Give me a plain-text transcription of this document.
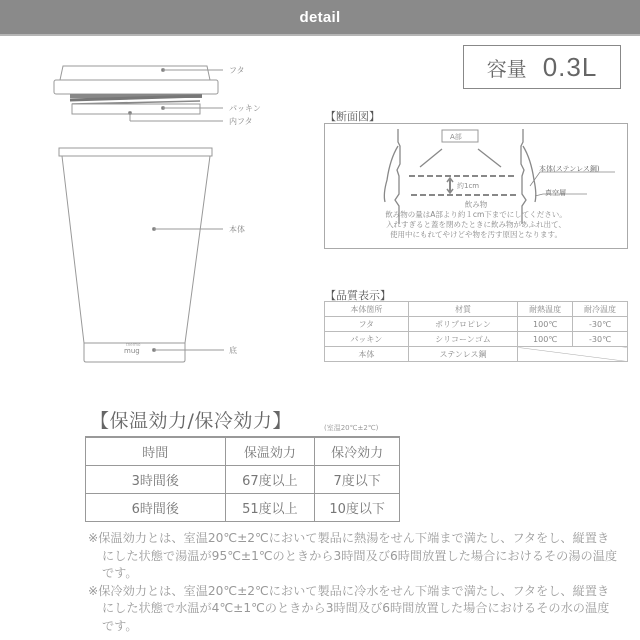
detail
容量 0.3L
フタ
パッキン
内フタ
本体
底
thermo
mug
【断面図】
A部
約1cm
本体(ステンレス鋼)
真空層
飲み物
飲み物の量はA部より約１cm下までにしてください。
入れすぎると蓋を閉めたときに飲み物があふれ出て、
使用中にもれてやけどや物を汚す原因となります。
【品質表示】
本体箇所	材質	耐熱温度	耐冷温度
フタ	ポリプロピレン	100℃	-30℃
パッキン	シリコーンゴム	100℃	-30℃
本体	ステンレス鋼		
【保温効力/保冷効力】	(室温20℃±2℃)
時間	保温効力	保冷効力
3時間後	67度以上	7度以下
6時間後	51度以上	10度以下

※保温効力とは、室温20℃±2℃において製品に熱湯をせん下端まで満たし、フタをし、縦置きにした状態で湯温が95℃±1℃のときから3時間及び6時間放置した場合におけるその湯の温度です。

※保冷効力とは、室温20℃±2℃において製品に冷水をせん下端まで満たし、フタをし、縦置きにした状態で水温が4℃±1℃のときから3時間及び6時間放置した場合におけるその水の温度です。
